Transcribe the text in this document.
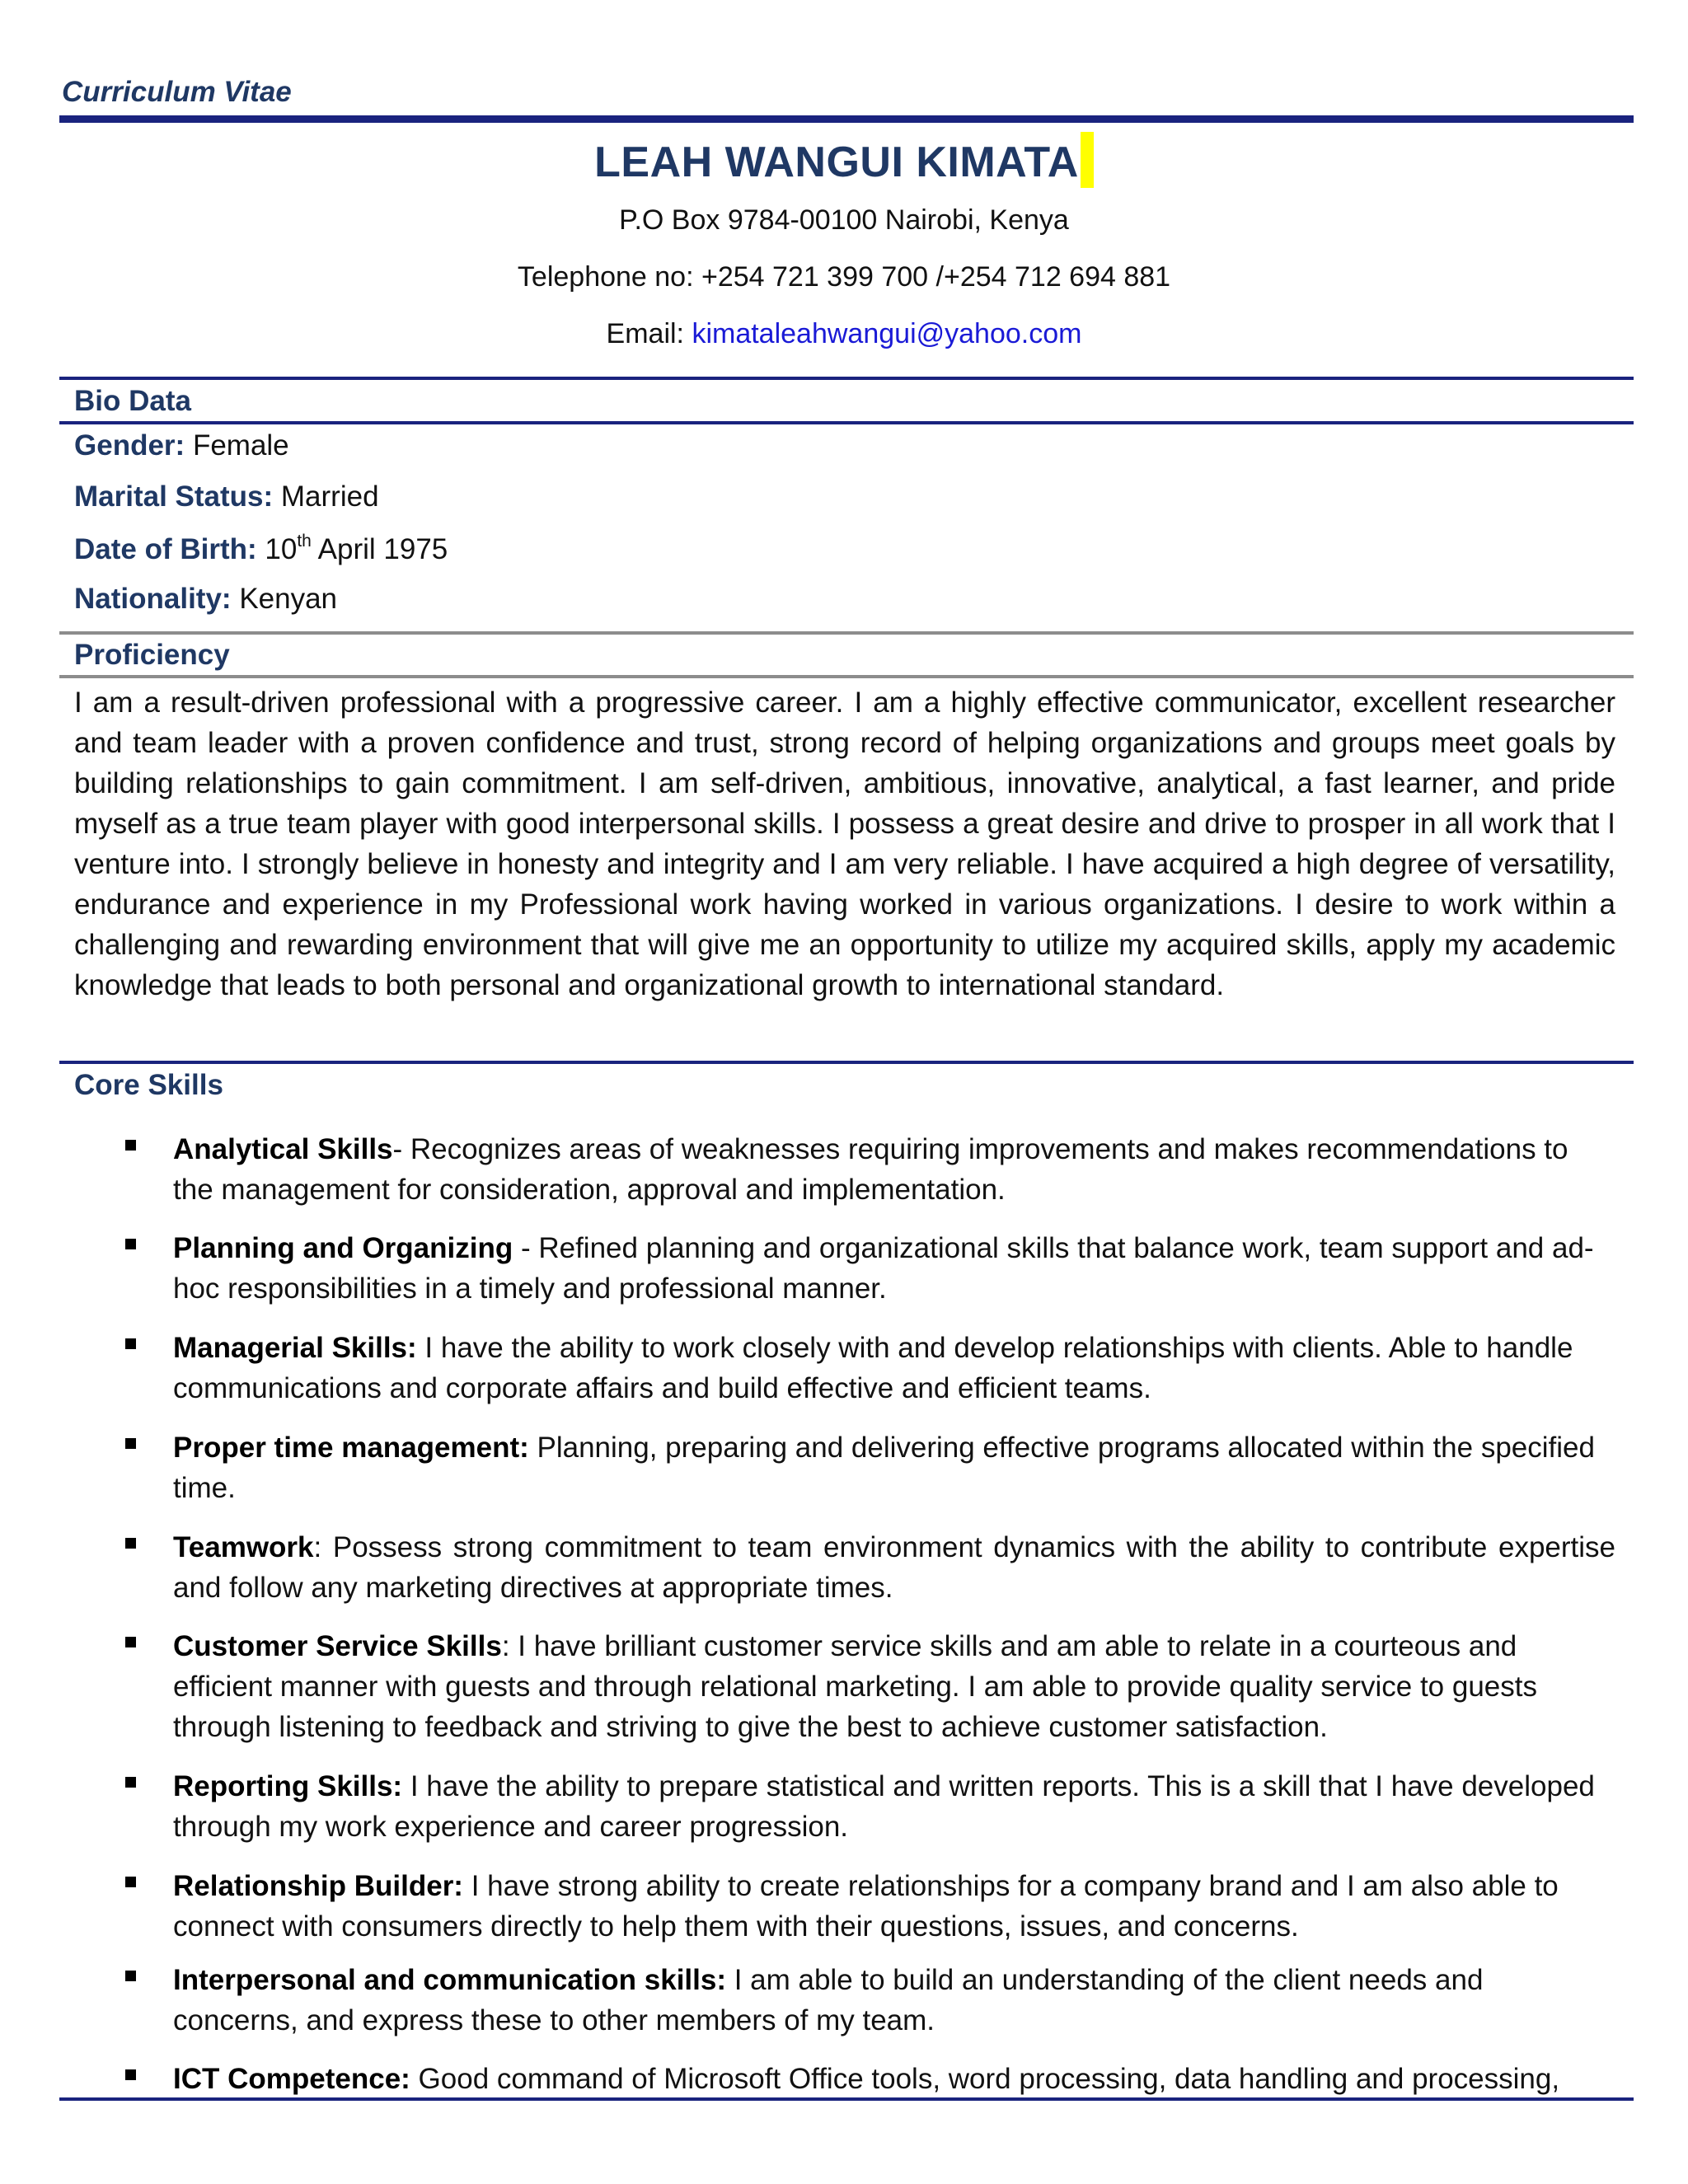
Curriculum Vitae
LEAH WANGUI KIMATA
P.O Box 9784-00100 Nairobi, Kenya
Telephone no: +254 721 399 700 /+254 712 694 881
Email: kimataleahwangui@yahoo.com
Bio Data
Gender: Female
Marital Status: Married
Date of Birth: 10th April 1975
Nationality: Kenyan
Proficiency
I am a result-driven professional with a progressive career. I am a highly effective communicator, excellent researcher and team leader with a proven confidence and trust, strong record of helping organizations and groups meet goals by building relationships to gain commitment. I am self-driven, ambitious, innovative, analytical, a fast learner, and pride myself as a true team player with good interpersonal skills. I possess a great desire and drive to prosper in all work that I venture into. I strongly believe in honesty and integrity and I am very reliable. I have acquired a high degree of versatility, endurance and experience in my Professional work having worked in various organizations. I desire to work within a challenging and rewarding environment that will give me an opportunity to utilize my acquired skills, apply my academic knowledge that leads to both personal and organizational growth to international standard.
Core Skills
Analytical Skills- Recognizes areas of weaknesses requiring improvements and makes recommendations to the management for consideration, approval and implementation.
Planning and Organizing - Refined planning and organizational skills that balance work, team support and ad-hoc responsibilities in a timely and professional manner.
Managerial Skills: I have the ability to work closely with and develop relationships with clients. Able to handle communications and corporate affairs and build effective and efficient teams.
Proper time management: Planning, preparing and delivering effective programs allocated within the specified time.
Teamwork: Possess strong commitment to team environment dynamics with the ability to contribute expertise and follow any marketing directives at appropriate times.
Customer Service Skills: I have brilliant customer service skills and am able to relate in a courteous and efficient manner with guests and through relational marketing. I am able to provide quality service to guests through listening to feedback and striving to give the best to achieve customer satisfaction.
Reporting Skills: I have the ability to prepare statistical and written reports. This is a skill that I have developed through my work experience and career progression.
Relationship Builder: I have strong ability to create relationships for a company brand and I am also able to connect with consumers directly to help them with their questions, issues, and concerns.
Interpersonal and communication skills: I am able to build an understanding of the client needs and concerns, and express these to other members of my team.
ICT Competence: Good command of Microsoft Office tools, word processing, data handling and processing,
